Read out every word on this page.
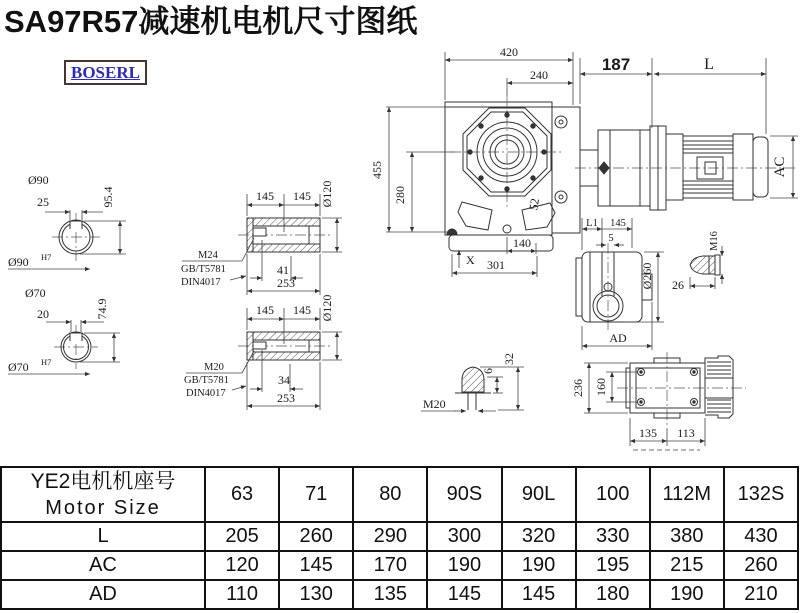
SA97R57减速机电机尺寸图纸
BOSERL
Ø90
25	95.4
Ø90 H7
Ø70
20	74.9
Ø70 H7
145 145 Ø120
M24
GB/T5781
DIN4017
41
253
145 145 Ø120
M20
GB/T5781
DIN4017
34
253
420
240
455
280
52
X
140
301
187	L
AC
L1 145
5
Ø260
AD
M16
26
M20
6
32
236 160
135 113
YE2电机机座号
Motor Size	63	71	80	90S	90L	100	112M	132S
L	205	260	290	300	320	330	380	430
AC	120	145	170	190	190	195	215	260
AD	110	130	135	145	145	180	190	210
